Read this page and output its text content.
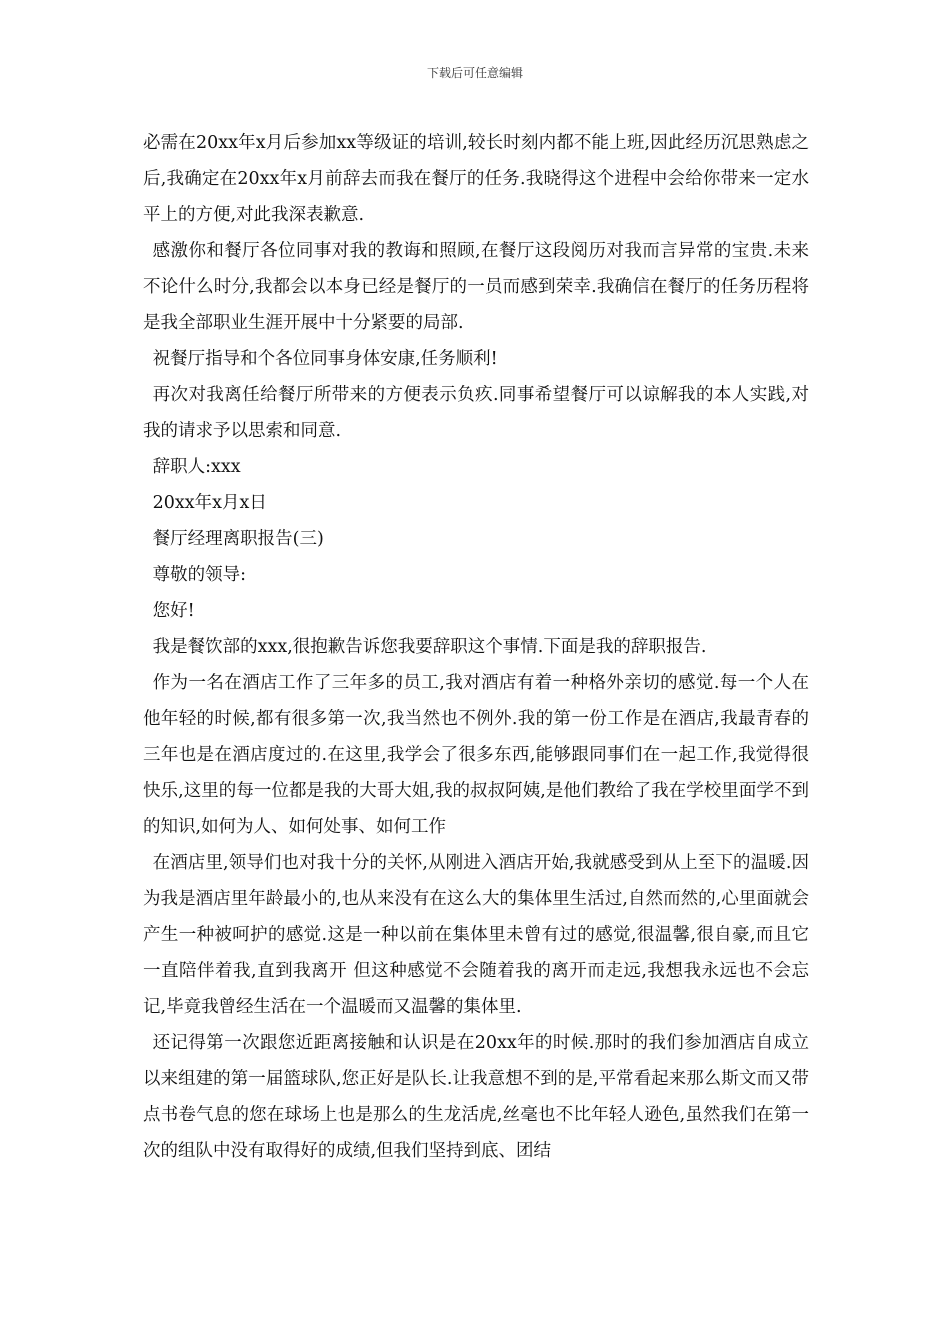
下载后可任意编辑

必需在20xx年x月后参加xx等级证的培训,较长时刻内都不能上班,因此经历沉思熟虑之后,我确定在20xx年x月前辞去而我在餐厅的任务.我晓得这个进程中会给你带来一定水平上的方便,对此我深表歉意.

感激你和餐厅各位同事对我的教诲和照顾,在餐厅这段阅历对我而言异常的宝贵.未来不论什么时分,我都会以本身已经是餐厅的一员而感到荣幸.我确信在餐厅的任务历程将是我全部职业生涯开展中十分紧要的局部.

祝餐厅指导和个各位同事身体安康,任务顺利!

再次对我离任给餐厅所带来的方便表示负疚.同事希望餐厅可以谅解我的本人实践,对我的请求予以思索和同意.

辞职人:xxx

20xx年x月x日

餐厅经理离职报告(三)

尊敬的领导:

您好!

我是餐饮部的xxx,很抱歉告诉您我要辞职这个事情.下面是我的辞职报告.

作为一名在酒店工作了三年多的员工,我对酒店有着一种格外亲切的感觉.每一个人在他年轻的时候,都有很多第一次,我当然也不例外.我的第一份工作是在酒店,我最青春的三年也是在酒店度过的.在这里,我学会了很多东西,能够跟同事们在一起工作,我觉得很快乐,这里的每一位都是我的大哥大姐,我的叔叔阿姨,是他们教给了我在学校里面学不到的知识,如何为人、如何处事、如何工作

在酒店里,领导们也对我十分的关怀,从刚进入酒店开始,我就感受到从上至下的温暖.因为我是酒店里年龄最小的,也从来没有在这么大的集体里生活过,自然而然的,心里面就会产生一种被呵护的感觉.这是一种以前在集体里未曾有过的感觉,很温馨,很自豪,而且它一直陪伴着我,直到我离开 但这种感觉不会随着我的离开而走远,我想我永远也不会忘记,毕竟我曾经生活在一个温暖而又温馨的集体里.

还记得第一次跟您近距离接触和认识是在20xx年的时候.那时的我们参加酒店自成立以来组建的第一届篮球队,您正好是队长.让我意想不到的是,平常看起来那么斯文而又带点书卷气息的您在球场上也是那么的生龙活虎,丝毫也不比年轻人逊色,虽然我们在第一次的组队中没有取得好的成绩,但我们坚持到底、团结
